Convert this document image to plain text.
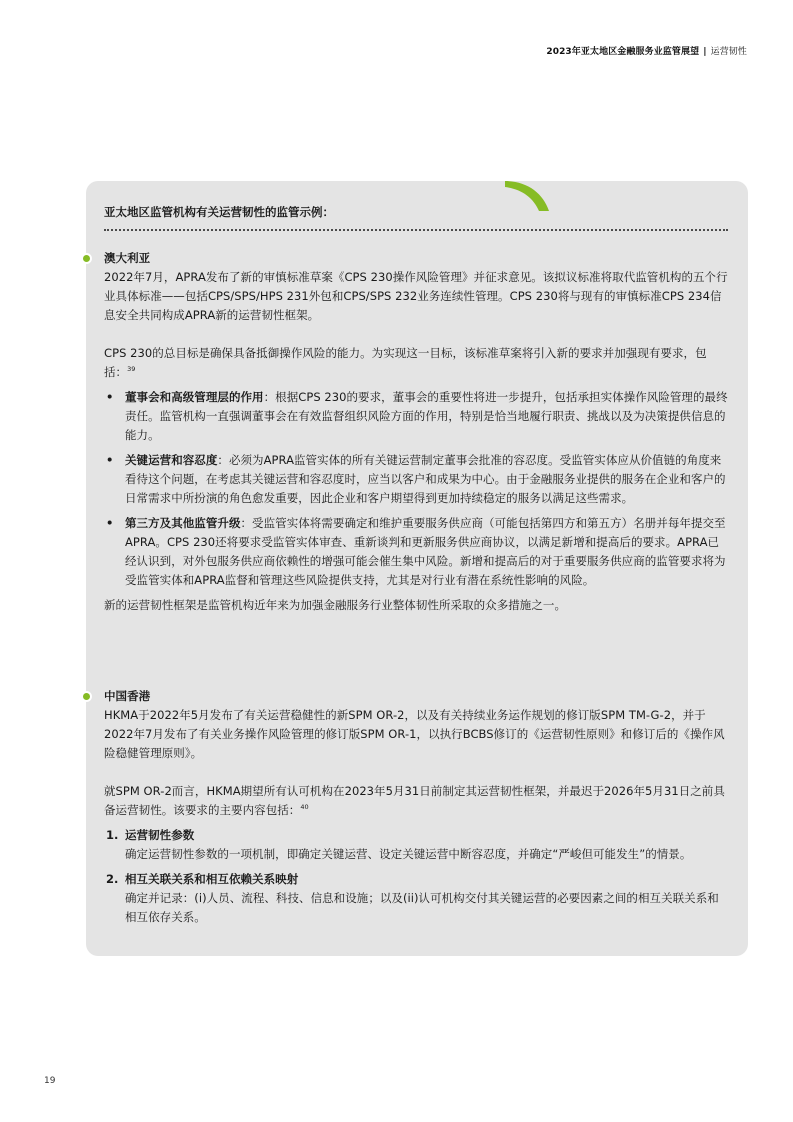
2023年亚太地区金融服务业监管展望 | 运营韧性
亚太地区监管机构有关运营韧性的监管示例：
澳大利亚

2022年7月，APRA发布了新的审慎标准草案《CPS 230操作风险管理》并征求意见。该拟议标准将取代监管机构的五个行业具体标准——包括CPS/SPS/HPS 231外包和CPS/SPS 232业务连续性管理。CPS 230将与现有的审慎标准CPS 234信息安全共同构成APRA新的运营韧性框架。

CPS 230的总目标是确保具备抵御操作风险的能力。为实现这一目标，该标准草案将引入新的要求并加强现有要求，包括：$^{39}$

• 董事会和高级管理层的作用：根据CPS 230的要求，董事会的重要性将进一步提升，包括承担实体操作风险管理的最终责任。监管机构一直强调董事会在有效监督组织风险方面的作用，特别是恰当地履行职责、挑战以及为决策提供信息的能力。
• 关键运营和容忍度：必须为APRA监管实体的所有关键运营制定董事会批准的容忍度。受监管实体应从价值链的角度来看待这个问题，在考虑其关键运营和容忍度时，应当以客户和成果为中心。由于金融服务业提供的服务在企业和客户的日常需求中所扮演的角色愈发重要，因此企业和客户期望得到更加持续稳定的服务以满足这些需求。
• 第三方及其他监管升级：受监管实体将需要确定和维护重要服务供应商（可能包括第四方和第五方）名册并每年提交至APRA。CPS 230还将要求受监管实体审查、重新谈判和更新服务供应商协议，以满足新增和提高后的要求。APRA已经认识到，对外包服务供应商依赖性的增强可能会催生集中风险。新增和提高后的对于重要服务供应商的监管要求将为受监管实体和APRA监督和管理这些风险提供支持，尤其是对行业有潜在系统性影响的风险。

新的运营韧性框架是监管机构近年来为加强金融服务行业整体韧性所采取的众多措施之一。

中国香港

HKMA于2022年5月发布了有关运营稳健性的新SPM OR-2，以及有关持续业务运作规划的修订版SPM TM-G-2，并于2022年7月发布了有关业务操作风险管理的修订版SPM OR-1，以执行BCBS修订的《运营韧性原则》和修订后的《操作风险稳健管理原则》。

就SPM OR-2而言，HKMA期望所有认可机构在2023年5月31日前制定其运营韧性框架，并最迟于2026年5月31日之前具备运营韧性。该要求的主要内容包括：$^{40}$

1. 运营韧性参数
确定运营韧性参数的一项机制，即确定关键运营、设定关键运营中断容忍度，并确定“严峻但可能发生”的情景。
2. 相互关联关系和相互依赖关系映射
确定并记录：(i)人员、流程、科技、信息和设施；以及(ii)认可机构交付其关键运营的必要因素之间的相互关联关系和相互依存关系。
19
